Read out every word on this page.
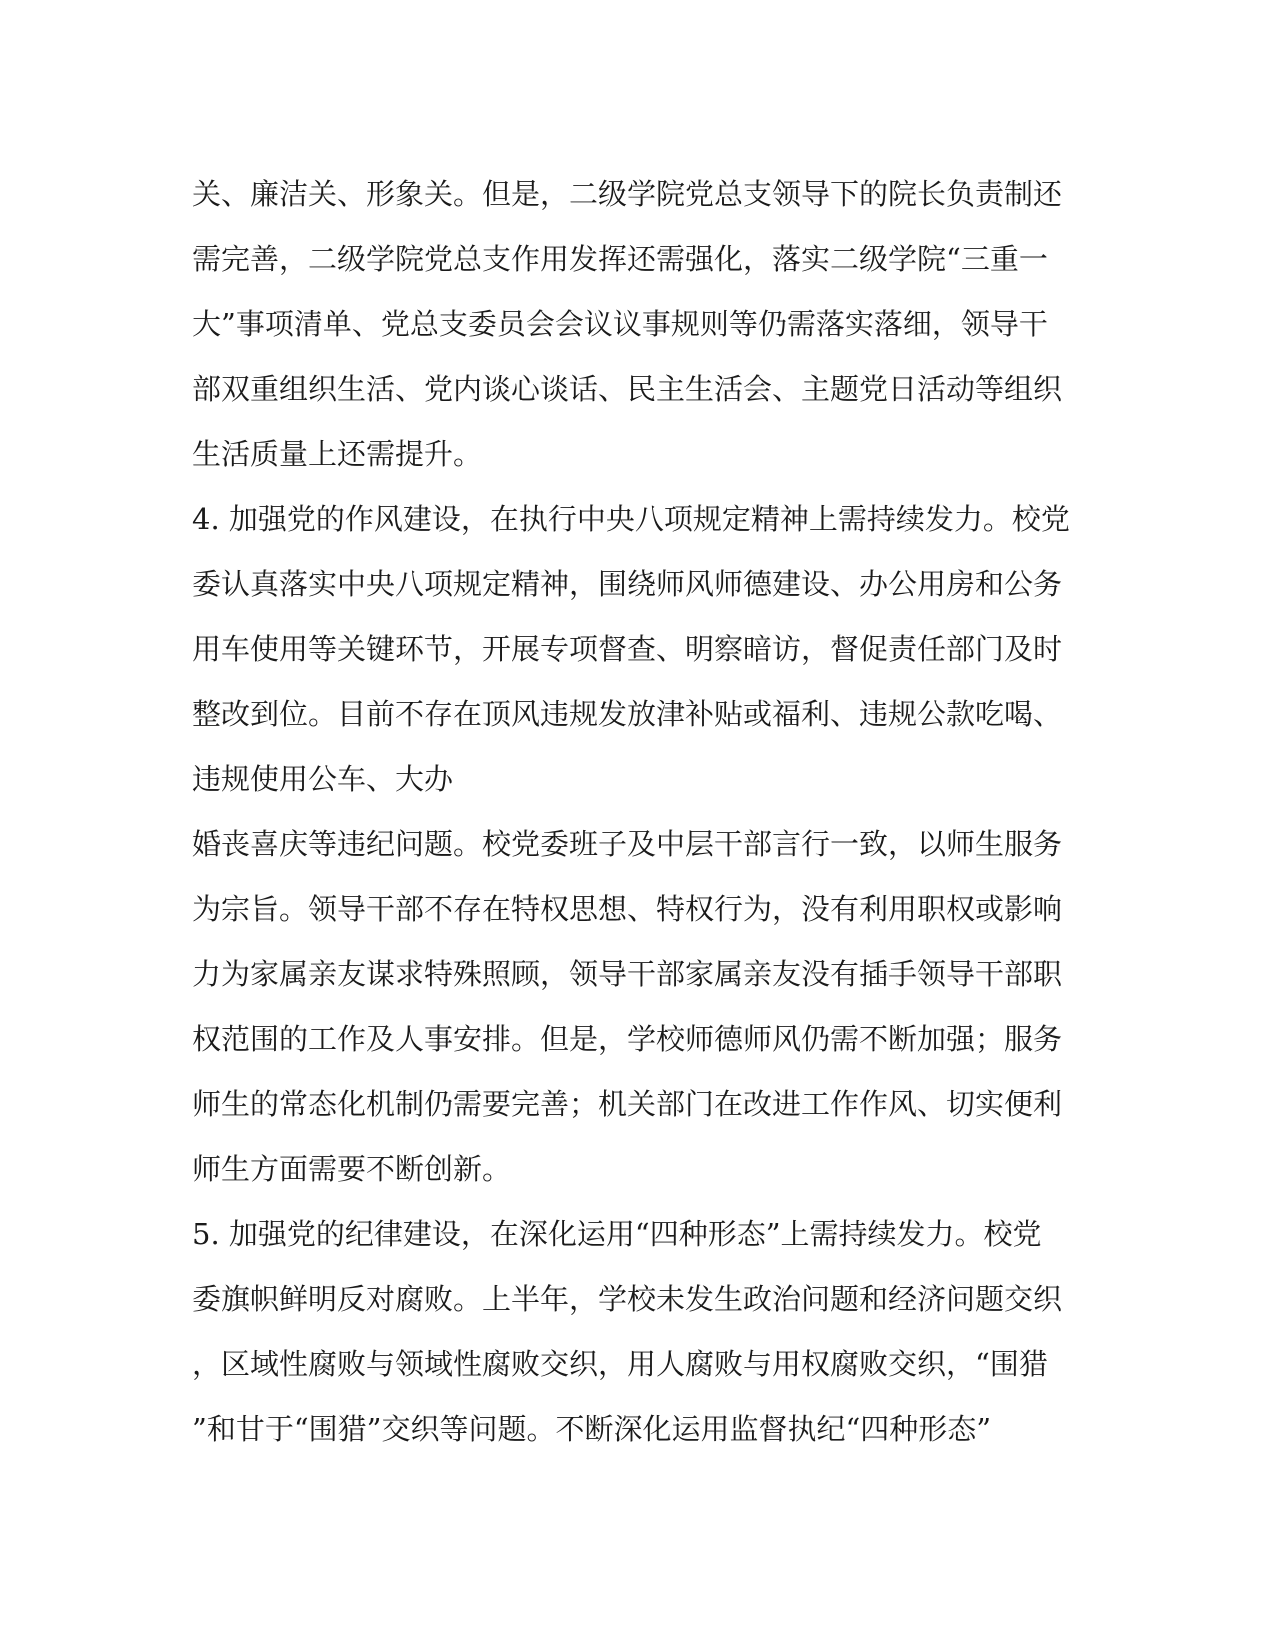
关、廉洁关、形象关。但是，二级学院党总支领导下的院长负责制还
需完善，二级学院党总支作用发挥还需强化，落实二级学院“三重一
大”事项清单、党总支委员会会议议事规则等仍需落实落细，领导干
部双重组织生活、党内谈心谈话、民主生活会、主题党日活动等组织
生活质量上还需提升。
4. 加强党的作风建设，在执行中央八项规定精神上需持续发力。校党
委认真落实中央八项规定精神，围绕师风师德建设、办公用房和公务
用车使用等关键环节，开展专项督查、明察暗访，督促责任部门及时
整改到位。目前不存在顶风违规发放津补贴或福利、违规公款吃喝、
违规使用公车、大办
婚丧喜庆等违纪问题。校党委班子及中层干部言行一致，以师生服务
为宗旨。领导干部不存在特权思想、特权行为，没有利用职权或影响
力为家属亲友谋求特殊照顾，领导干部家属亲友没有插手领导干部职
权范围的工作及人事安排。但是，学校师德师风仍需不断加强；服务
师生的常态化机制仍需要完善；机关部门在改进工作作风、切实便利
师生方面需要不断创新。
5. 加强党的纪律建设，在深化运用“四种形态”上需持续发力。校党
委旗帜鲜明反对腐败。上半年，学校未发生政治问题和经济问题交织
，区域性腐败与领域性腐败交织，用人腐败与用权腐败交织，“围猎
”和甘于“围猎”交织等问题。不断深化运用监督执纪“四种形态”
